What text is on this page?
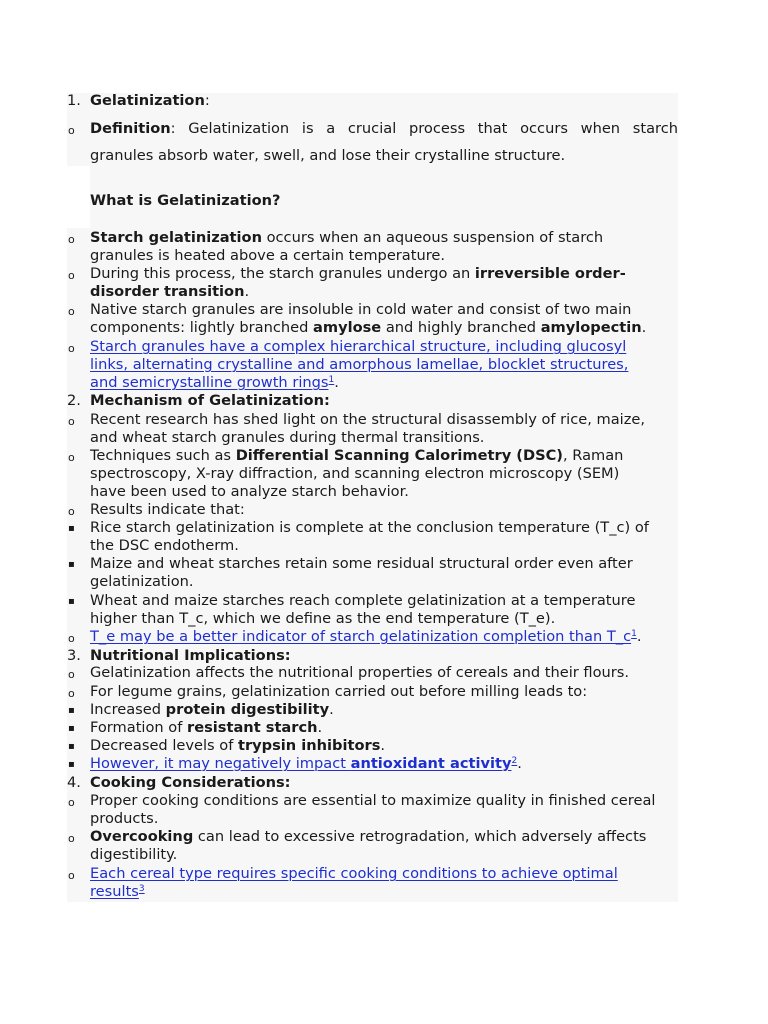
1. Gelatinization:
o	Definition: Gelatinization is a crucial process that occurs when starch
granules absorb water, swell, and lose their crystalline structure.
What is Gelatinization?
o	Starch gelatinization occurs when an aqueous suspension of starch
granules is heated above a certain temperature.
o	During this process, the starch granules undergo an irreversible order-
disorder transition.
o	Native starch granules are insoluble in cold water and consist of two main
components: lightly branched amylose and highly branched amylopectin.
o	Starch granules have a complex hierarchical structure, including glucosyl
links, alternating crystalline and amorphous lamellae, blocklet structures,
and semicrystalline growth rings$^1$.
2. Mechanism of Gelatinization:
o	Recent research has shed light on the structural disassembly of rice, maize,
and wheat starch granules during thermal transitions.
o	Techniques such as Differential Scanning Calorimetry (DSC), Raman
spectroscopy, X-ray diffraction, and scanning electron microscopy (SEM)
have been used to analyze starch behavior.
o	Results indicate that:
▪	Rice starch gelatinization is complete at the conclusion temperature (T_c) of
the DSC endotherm.
▪	Maize and wheat starches retain some residual structural order even after
gelatinization.
▪	Wheat and maize starches reach complete gelatinization at a temperature
higher than T_c, which we define as the end temperature (T_e).
o	T_e may be a better indicator of starch gelatinization completion than $T\_c^1$.
3. Nutritional Implications:
o	Gelatinization affects the nutritional properties of cereals and their flours.
o	For legume grains, gelatinization carried out before milling leads to:
▪	Increased protein digestibility.
▪	Formation of resistant starch.
▪	Decreased levels of trypsin inhibitors.
▪	However, it may negatively impact antioxidant activity$^2$.
4. Cooking Considerations:
o	Proper cooking conditions are essential to maximize quality in finished cereal
products.
o	Overcooking can lead to excessive retrogradation, which adversely affects
digestibility.
o	Each cereal type requires specific cooking conditions to achieve optimal
results$^3$
